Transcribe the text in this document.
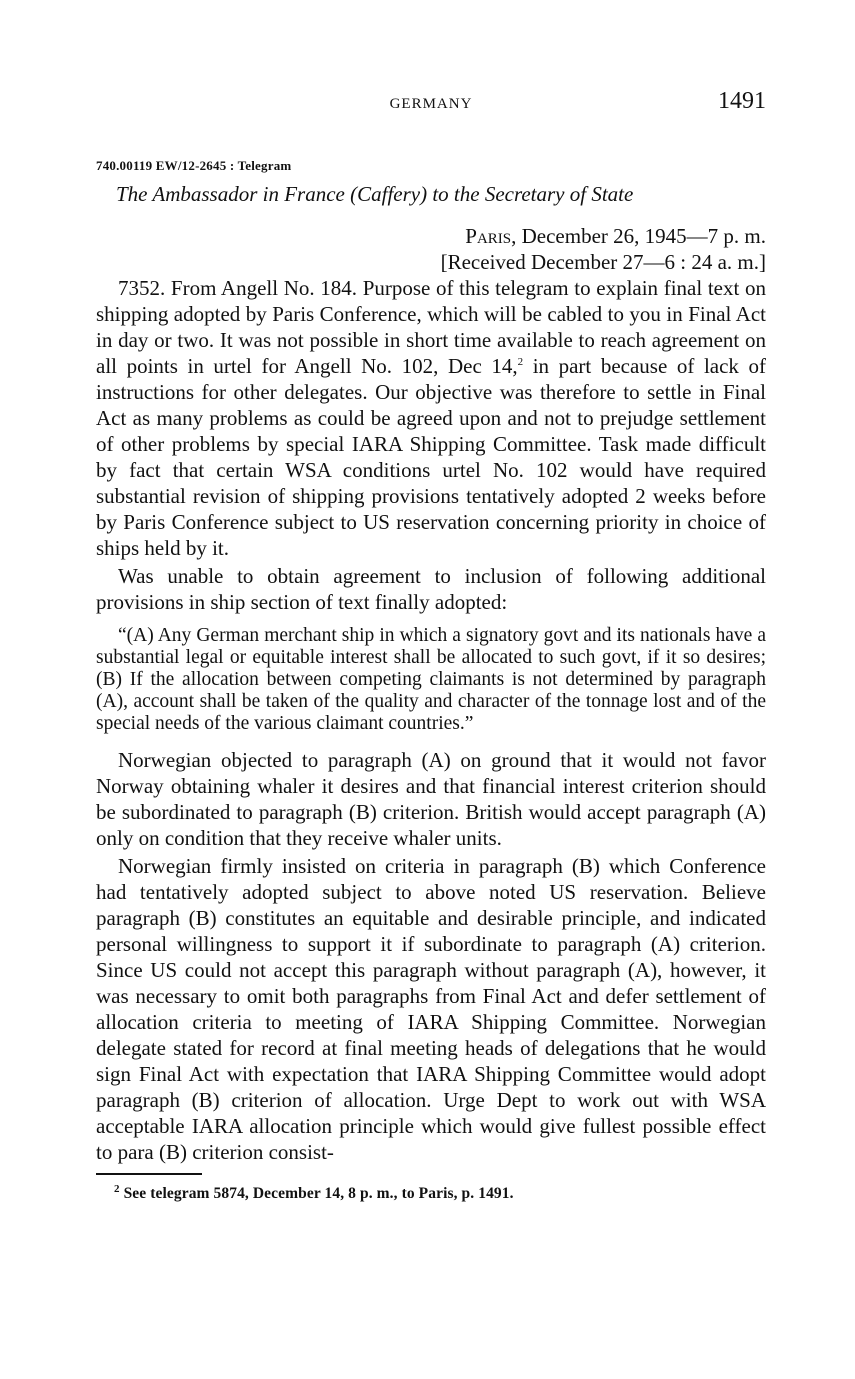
GERMANY	1491
740.00119 EW/12-2645 : Telegram
The Ambassador in France (Caffery) to the Secretary of State
Paris, December 26, 1945—7 p. m.
[Received December 27—6 : 24 a. m.]

7352. From Angell No. 184. Purpose of this telegram to explain final text on shipping adopted by Paris Conference, which will be cabled to you in Final Act in day or two. It was not possible in short time available to reach agreement on all points in urtel for Angell No. 102, Dec 14,$^2$ in part because of lack of instructions for other delegates. Our objective was therefore to settle in Final Act as many problems as could be agreed upon and not to prejudge settlement of other problems by special IARA Shipping Committee. Task made difficult by fact that certain WSA conditions urtel No. 102 would have required substantial revision of shipping provisions tentatively adopted 2 weeks before by Paris Conference subject to US reservation concerning priority in choice of ships held by it.

Was unable to obtain agreement to inclusion of following additional provisions in ship section of text finally adopted:

“(A) Any German merchant ship in which a signatory govt and its nationals have a substantial legal or equitable interest shall be allocated to such govt, if it so desires; (B) If the allocation between competing claimants is not determined by paragraph (A), account shall be taken of the quality and character of the tonnage lost and of the special needs of the various claimant countries.”

Norwegian objected to paragraph (A) on ground that it would not favor Norway obtaining whaler it desires and that financial interest criterion should be subordinated to paragraph (B) criterion. British would accept paragraph (A) only on condition that they receive whaler units.

Norwegian firmly insisted on criteria in paragraph (B) which Conference had tentatively adopted subject to above noted US reservation. Believe paragraph (B) constitutes an equitable and desirable principle, and indicated personal willingness to support it if subordinate to paragraph (A) criterion. Since US could not accept this paragraph without paragraph (A), however, it was necessary to omit both paragraphs from Final Act and defer settlement of allocation criteria to meeting of IARA Shipping Committee. Norwegian delegate stated for record at final meeting heads of delegations that he would sign Final Act with expectation that IARA Shipping Committee would adopt paragraph (B) criterion of allocation. Urge Dept to work out with WSA acceptable IARA allocation principle which would give fullest possible effect to para (B) criterion consist-

$^2$ See telegram 5874, December 14, 8 p. m., to Paris, p. 1491.
